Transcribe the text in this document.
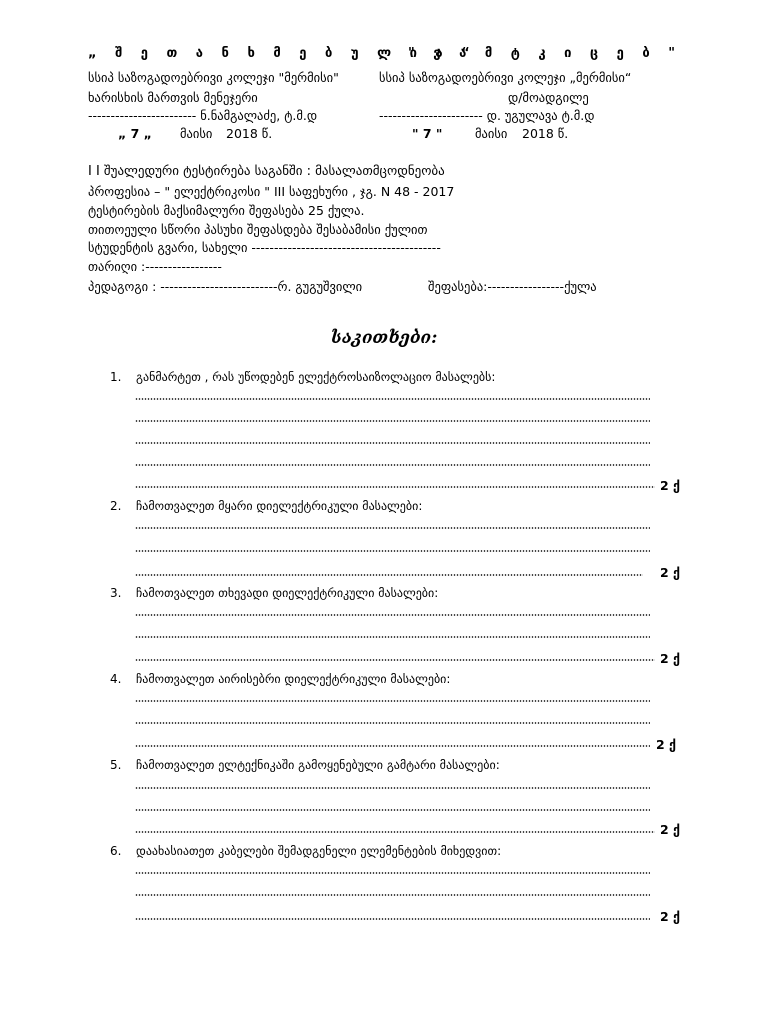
„ შ ე თ ა ნ ხ მ ე ბ უ ლ ი ა “
სსიპ საზოგადოებრივი კოლეჯი "მერმისი"
ხარისხის მართვის მენეჯერი
------------------------ ნ.ნამგალაძე, ტ.მ.დ
„ 7 „ მაისი 2018 წ.
" ვ ა მ ტ კ ი ც ე ბ "
სსიპ საზოგადოებრივი კოლეჯი „მერმისი“
დ/მოადგილე
----------------------- დ. უგულავა ტ.მ.დ
" 7 "	მაისი 2018 წ.
I I შუალედური ტესტირება საგანში : მასალათმცოდნეობა
პროფესია – " ელექტრიკოსი " III საფეხური , ჯგ. N 48 - 2017
ტესტირების მაქსიმალური შეფასება 25 ქულა.
თითოეული სწორი პასუხი შეფასდება შესაბამისი ქულით
სტუდენტის გვარი, სახელი ------------------------------------------
თარიღი :-----------------
პედაგოგი : --------------------------რ. გუგუშვილი	შეფასება:-----------------ქულა
საკითხები:
1. განმარტეთ , რას უწოდებენ ელექტროსაიზოლაციო მასალებს:
2 ქ
2. ჩამოთვალეთ მყარი დიელექტრიკული მასალები:
2 ქ
3. ჩამოთვალეთ თხევადი დიელექტრიკული მასალები:
2 ქ
4. ჩამოთვალეთ აირისებრი დიელექტრიკული მასალები:
2 ქ
5. ჩამოთვალეთ ელტექნიკაში გამოყენებული გამტარი მასალები:
2 ქ
6. დაახასიათეთ კაბელები შემადგენელი ელემენტების მიხედვით:
2 ქ
